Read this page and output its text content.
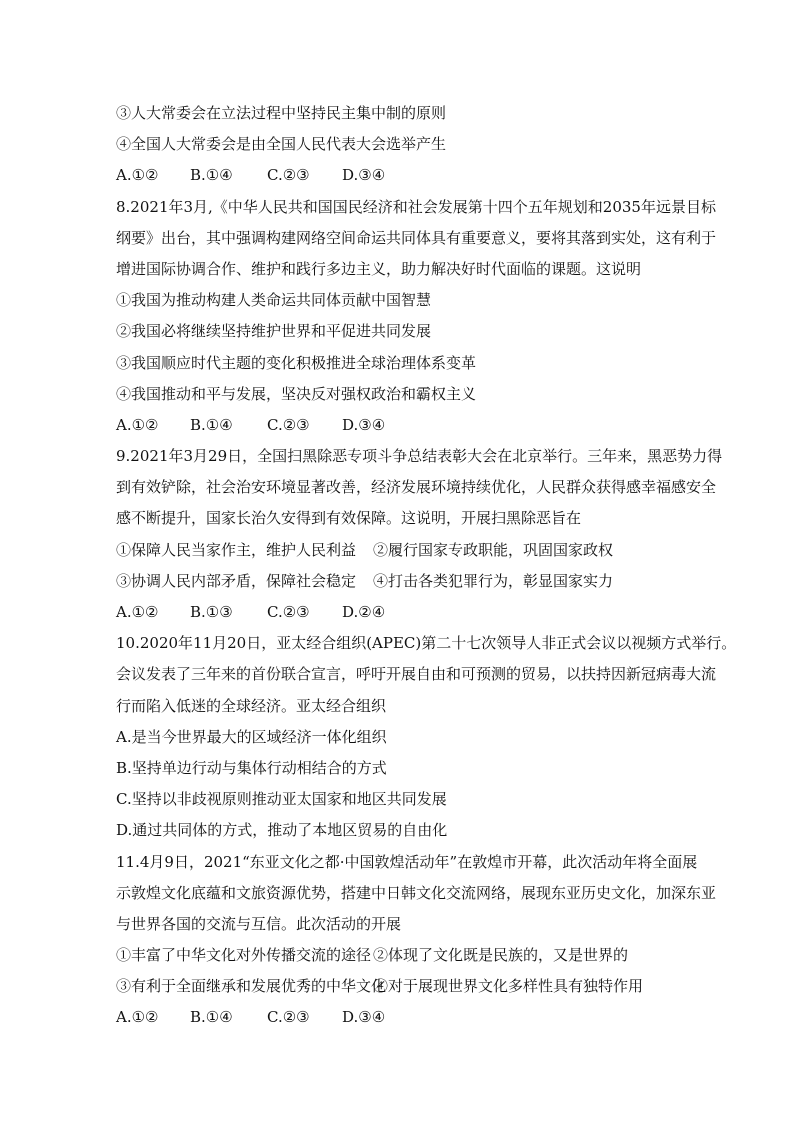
③人大常委会在立法过程中坚持民主集中制的原则
④全国人大常委会是由全国人民代表大会选举产生
A.①②	B.①④	C.②③	D.③④
8.2021年3月,《中华人民共和国国民经济和社会发展第十四个五年规划和2035年远景目标
纲要》出台，其中强调构建网络空间命运共同体具有重要意义，要将其落到实处，这有利于
增进国际协调合作、维护和践行多边主义，助力解决好时代面临的课题。这说明
①我国为推动构建人类命运共同体贡献中国智慧
②我国必将继续坚持维护世界和平促进共同发展
③我国顺应时代主题的变化积极推进全球治理体系变革
④我国推动和平与发展，坚决反对强权政治和霸权主义
A.①②	B.①④	C.②③	D.③④
9.2021年3月29日，全国扫黑除恶专项斗争总结表彰大会在北京举行。三年来，黑恶势力得
到有效铲除，社会治安环境显著改善，经济发展环境持续优化，人民群众获得感幸福感安全
感不断提升，国家长治久安得到有效保障。这说明，开展扫黑除恶旨在
①保障人民当家作主，维护人民利益	②履行国家专政职能，巩固国家政权
③协调人民内部矛盾，保障社会稳定	④打击各类犯罪行为，彰显国家实力
A.①②	B.①③	C.②③	D.②④
10.2020年11月20日，亚太经合组织(APEC)第二十七次领导人非正式会议以视频方式举行。
会议发表了三年来的首份联合宣言，呼吁开展自由和可预测的贸易，以扶持因新冠病毒大流
行而陷入低迷的全球经济。亚太经合组织
A.是当今世界最大的区域经济一体化组织
B.坚持单边行动与集体行动相结合的方式
C.坚持以非歧视原则推动亚太国家和地区共同发展
D.通过共同体的方式，推动了本地区贸易的自由化
11.4月9日，2021“东亚文化之都·中国敦煌活动年”在敦煌市开幕，此次活动年将全面展
示敦煌文化底蕴和文旅资源优势，搭建中日韩文化交流网络，展现东亚历史文化，加深东亚
与世界各国的交流与互信。此次活动的开展
①丰富了中华文化对外传播交流的途径 ②体现了文化既是民族的，又是世界的
③有利于全面继承和发展优秀的中华文化
④对于展现世界文化多样性具有独特作用
A.①②	B.①④	C.②③	D.③④
